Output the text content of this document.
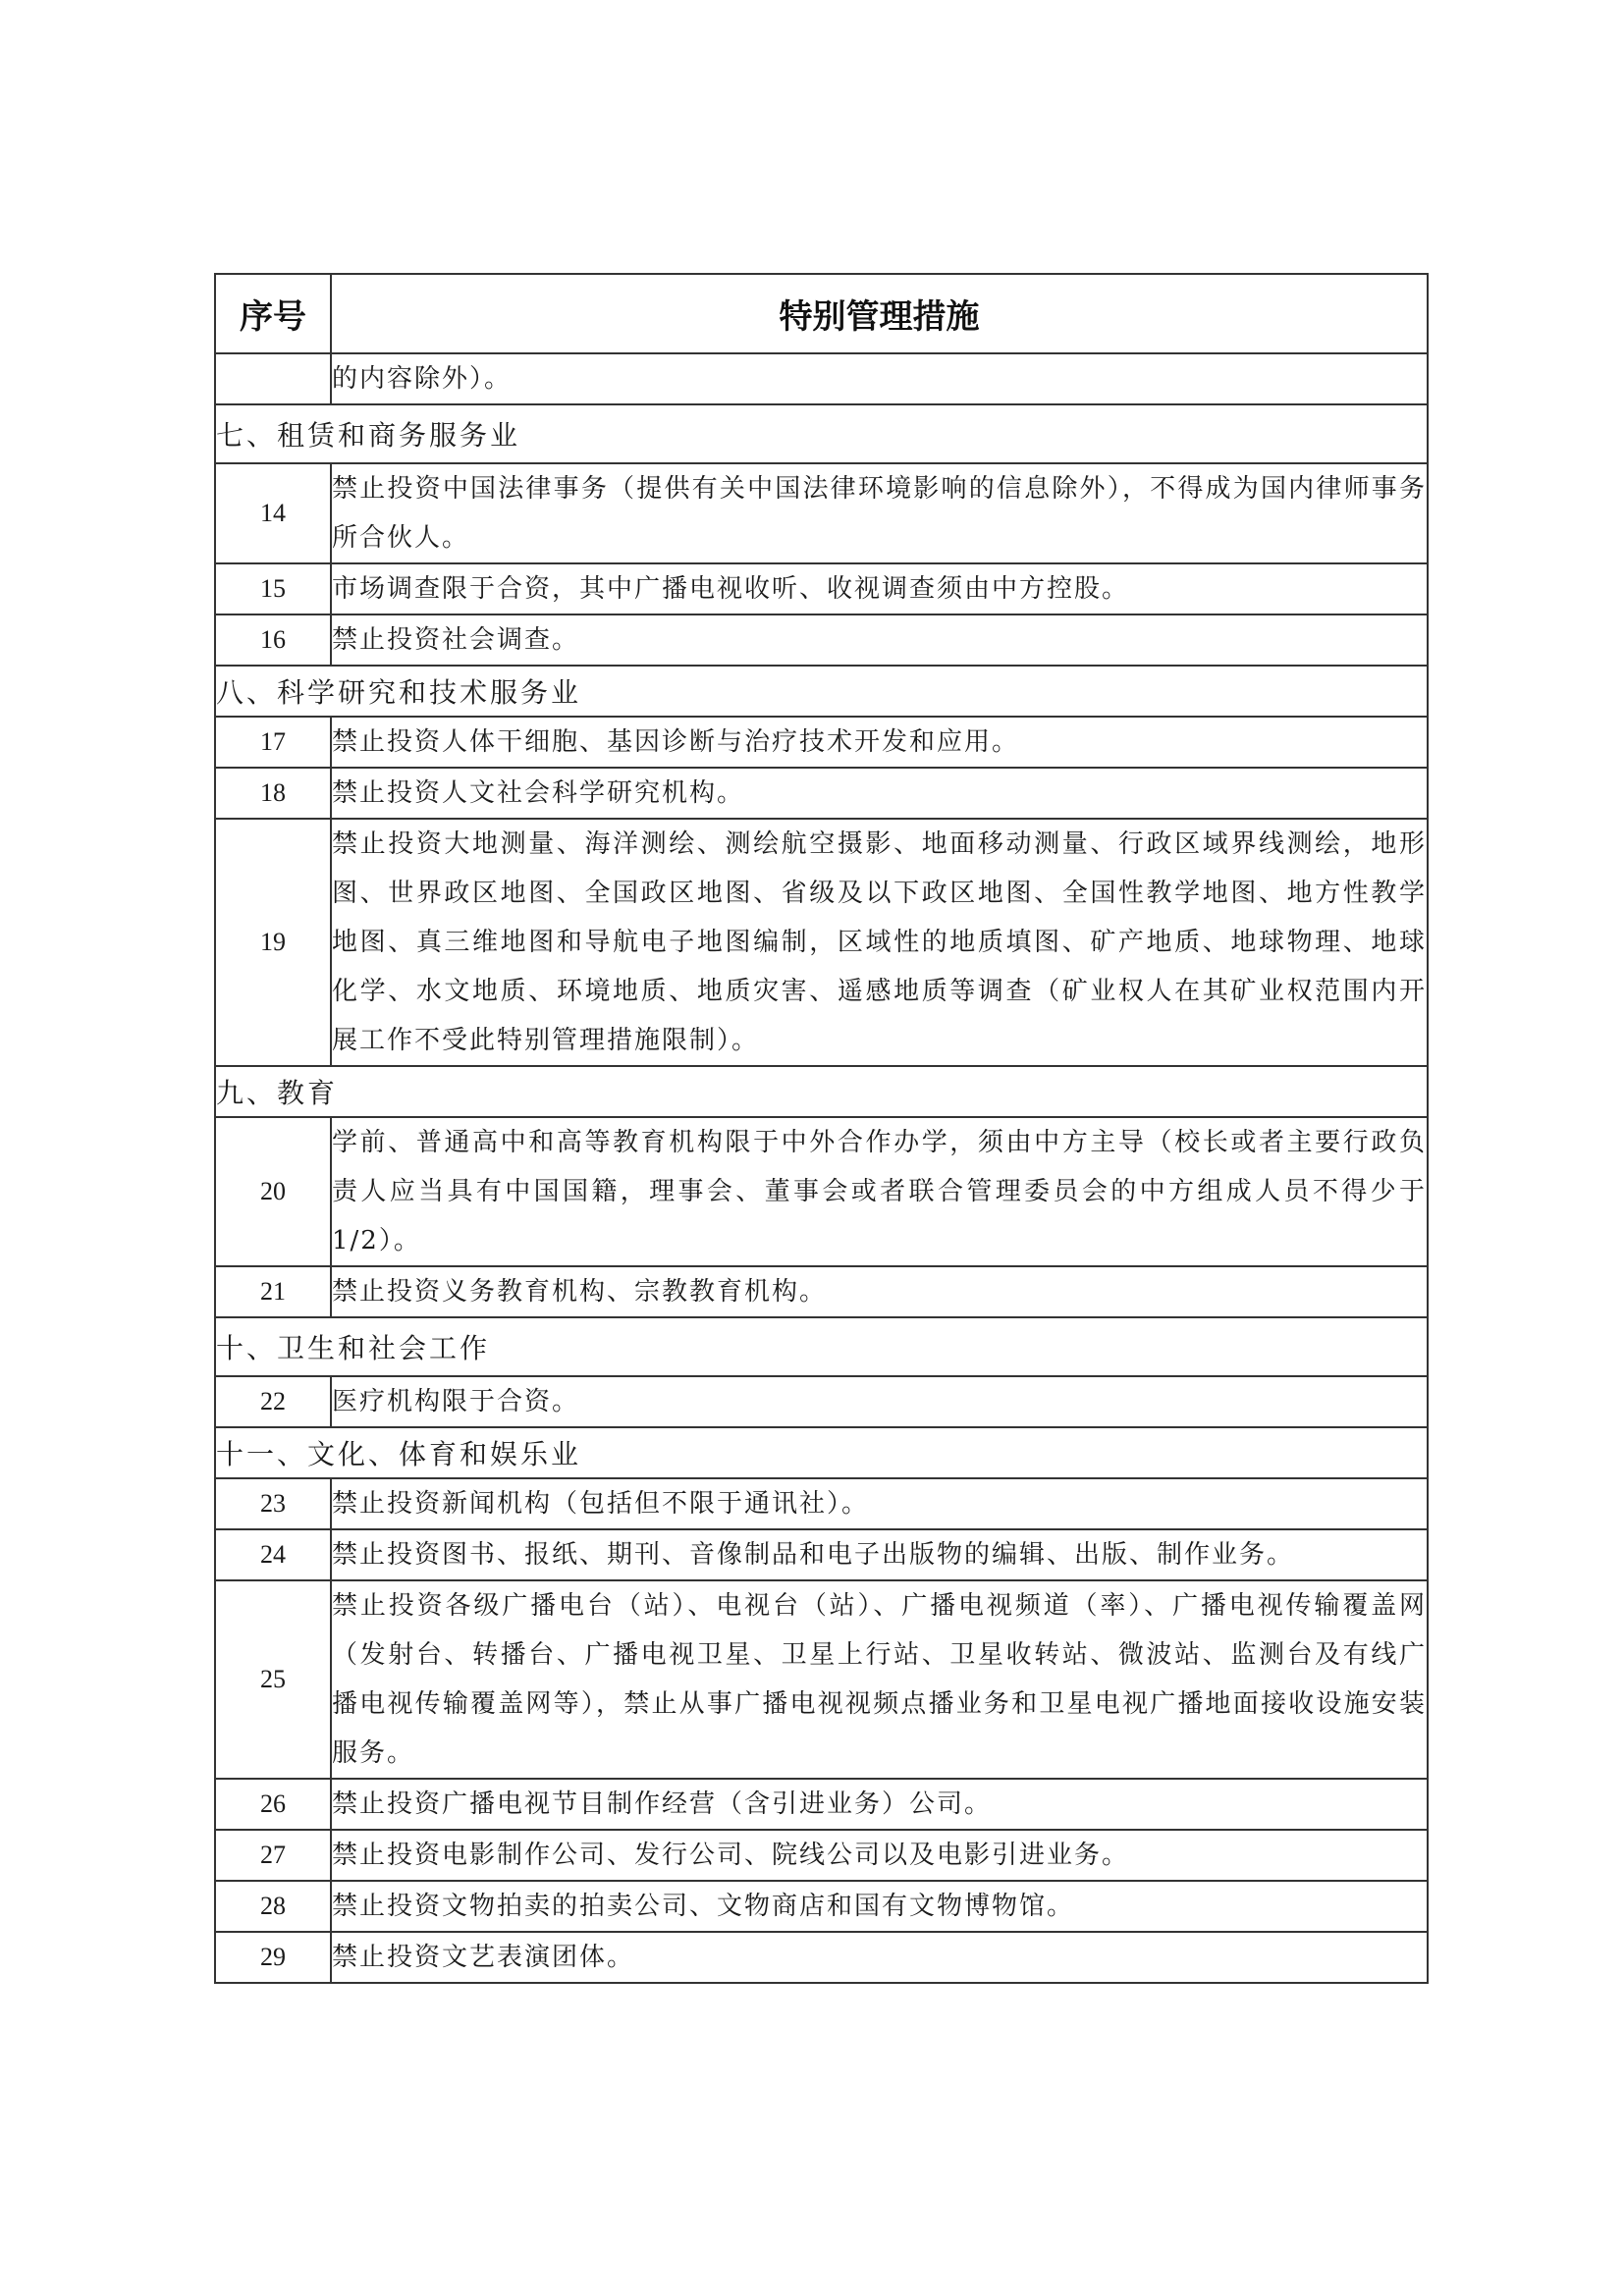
序号	特别管理措施
	的内容除外）。
七、租赁和商务服务业	
14	禁止投资中国法律事务（提供有关中国法律环境影响的信息除外），不得成为国内律师事务所合伙人。
15	市场调查限于合资，其中广播电视收听、收视调查须由中方控股。
16	禁止投资社会调查。
八、科学研究和技术服务业	
17	禁止投资人体干细胞、基因诊断与治疗技术开发和应用。
18	禁止投资人文社会科学研究机构。
19	禁止投资大地测量、海洋测绘、测绘航空摄影、地面移动测量、行政区域界线测绘，地形图、世界政区地图、全国政区地图、省级及以下政区地图、全国性教学地图、地方性教学地图、真三维地图和导航电子地图编制，区域性的地质填图、矿产地质、地球物理、地球化学、水文地质、环境地质、地质灾害、遥感地质等调查（矿业权人在其矿业权范围内开展工作不受此特别管理措施限制）。
九、教育	
20	学前、普通高中和高等教育机构限于中外合作办学，须由中方主导（校长或者主要行政负责人应当具有中国国籍，理事会、董事会或者联合管理委员会的中方组成人员不得少于1/2）。
21	禁止投资义务教育机构、宗教教育机构。
十、卫生和社会工作	
22	医疗机构限于合资。
十一、文化、体育和娱乐业	
23	禁止投资新闻机构（包括但不限于通讯社）。
24	禁止投资图书、报纸、期刊、音像制品和电子出版物的编辑、出版、制作业务。
25	禁止投资各级广播电台（站）、电视台（站）、广播电视频道（率）、广播电视传输覆盖网（发射台、转播台、广播电视卫星、卫星上行站、卫星收转站、微波站、监测台及有线广播电视传输覆盖网等），禁止从事广播电视视频点播业务和卫星电视广播地面接收设施安装服务。
26	禁止投资广播电视节目制作经营（含引进业务）公司。
27	禁止投资电影制作公司、发行公司、院线公司以及电影引进业务。
28	禁止投资文物拍卖的拍卖公司、文物商店和国有文物博物馆。
29	禁止投资文艺表演团体。
